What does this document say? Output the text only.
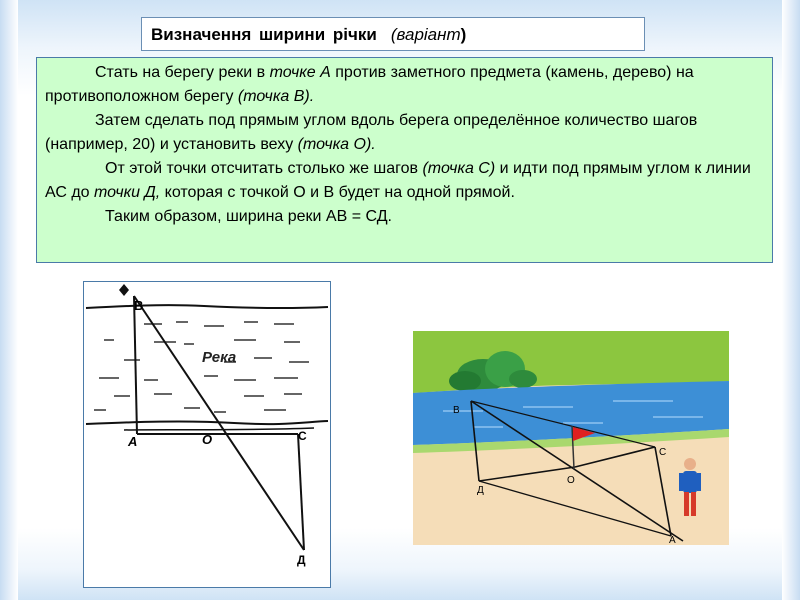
Визначення ширини річки (варіант)

Стать на берегу реки в точке А против заметного предмета (камень, дерево) на противоположном берегу (точка В).

Затем сделать под прямым углом вдоль берега определённое количество шагов (например, 20) и установить веху (точка О).

От этой точки отсчитать столько же шагов (точка С) и идти под прямым углом к линии АС до точки Д, которая с точкой О и В будет на одной прямой.

Таким образом, ширина реки АВ = СД.

Река
В
А	О	С
Д
В
Д
О
С
А
